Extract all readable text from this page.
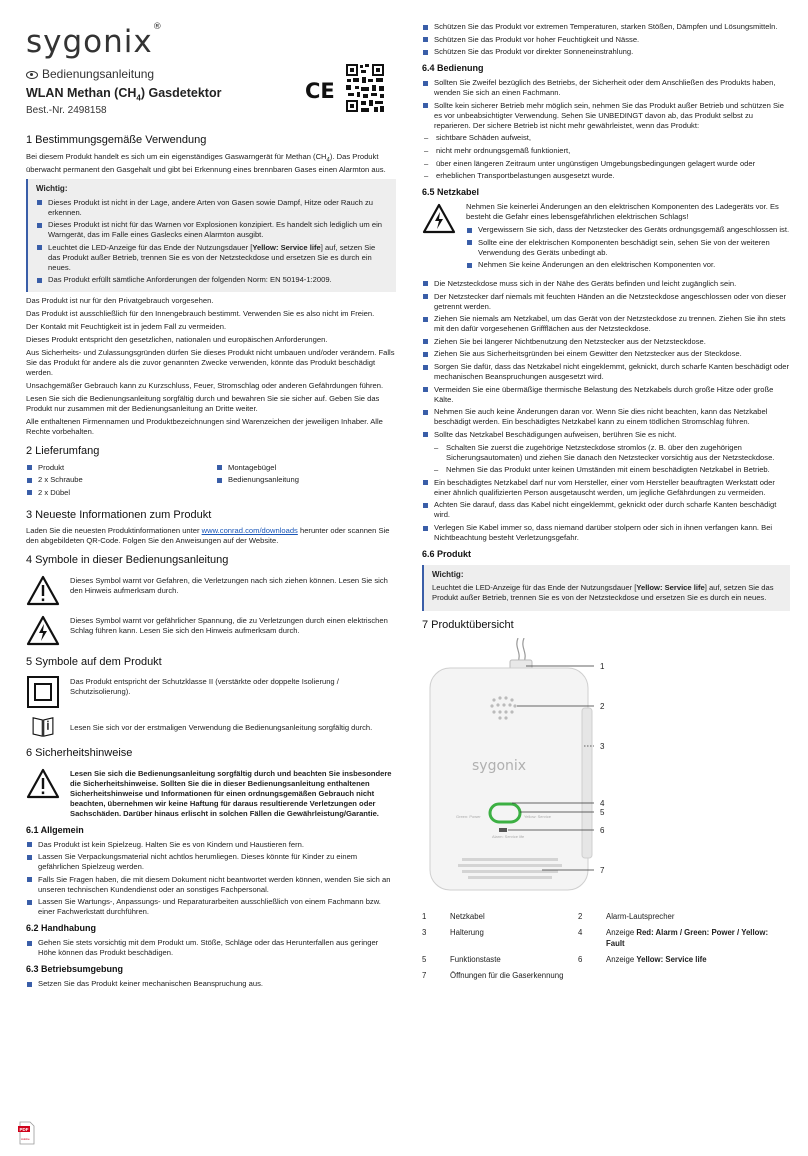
sygonix®
Bedienungsanleitung
WLAN Methan $(CH_4)$ Gasdetektor
Best.-Nr. 2498158
CE
1 Bestimmungsgemäße Verwendung

Bei diesem Produkt handelt es sich um ein eigenständiges Gaswarngerät für Methan $(CH_4)$. Das Produkt überwacht permanent den Gasgehalt und gibt bei Erkennung eines brennbaren Gases einen Alarmton aus.

Wichtig:
Dieses Produkt ist nicht in der Lage, andere Arten von Gasen sowie Dampf, Hitze oder Rauch zu erkennen.
Dieses Produkt ist nicht für das Warnen vor Explosionen konzipiert. Es handelt sich lediglich um ein Warngerät, das im Falle eines Gaslecks einen Alarmton ausgibt.
Leuchtet die LED-Anzeige für das Ende der Nutzungsdauer [Yellow: Service life] auf, setzen Sie das Produkt außer Betrieb, trennen Sie es von der Netzsteckdose und ersetzen Sie es durch ein neues.
Das Produkt erfüllt sämtliche Anforderungen der folgenden Norm: EN 50194-1:2009.

Das Produkt ist nur für den Privatgebrauch vorgesehen.

Das Produkt ist ausschließlich für den Innengebrauch bestimmt. Verwenden Sie es also nicht im Freien.

Der Kontakt mit Feuchtigkeit ist in jedem Fall zu vermeiden.

Dieses Produkt entspricht den gesetzlichen, nationalen und europäischen Anforderungen.

Aus Sicherheits- und Zulassungsgründen dürfen Sie dieses Produkt nicht umbauen und/oder verändern. Falls Sie das Produkt für andere als die zuvor genannten Zwecke verwenden, könnte das Produkt beschädigt werden.

Unsachgemäßer Gebrauch kann zu Kurzschluss, Feuer, Stromschlag oder anderen Gefährdungen führen.

Lesen Sie sich die Bedienungsanleitung sorgfältig durch und bewahren Sie sie sicher auf. Geben Sie das Produkt nur zusammen mit der Bedienungsanleitung an Dritte weiter.

Alle enthaltenen Firmennamen und Produktbezeichnungen sind Warenzeichen der jeweiligen Inhaber. Alle Rechte vorbehalten.

2 Lieferumfang
Produkt	Montagebügel
2 x Schraube	Bedienungsanleitung
2 x Dübel
3 Neueste Informationen zum Produkt

Laden Sie die neuesten Produktinformationen unter www.conrad.com/downloads herunter oder scannen Sie den abgebildeten QR-Code. Folgen Sie den Anweisungen auf der Website.

4 Symbole in dieser Bedienungsanleitung
Dieses Symbol warnt vor Gefahren, die Verletzungen nach sich ziehen können. Lesen Sie sich den Hinweis aufmerksam durch.
Dieses Symbol warnt vor gefährlicher Spannung, die zu Verletzungen durch einen elektrischen Schlag führen kann. Lesen Sie sich den Hinweis aufmerksam durch.
5 Symbole auf dem Produkt
Das Produkt entspricht der Schutzklasse II (verstärkte oder doppelte Isolierung / Schutzisolierung).
Lesen Sie sich vor der erstmaligen Verwendung die Bedienungsanleitung sorgfältig durch.
6 Sicherheitshinweise
Lesen Sie sich die Bedienungsanleitung sorgfältig durch und beachten Sie insbesondere die Sicherheitshinweise. Sollten Sie die in dieser Bedienungsanleitung enthaltenen Sicherheitshinweise und Informationen für einen ordnungsgemäßen Gebrauch nicht beachten, übernehmen wir keine Haftung für daraus resultierende Verletzungen oder Sachschäden. Darüber hinaus erlischt in solchen Fällen die Gewährleistung/Garantie.
6.1 Allgemein
Das Produkt ist kein Spielzeug. Halten Sie es von Kindern und Haustieren fern.
Lassen Sie Verpackungsmaterial nicht achtlos herumliegen. Dieses könnte für Kinder zu einem gefährlichen Spielzeug werden.
Falls Sie Fragen haben, die mit diesem Dokument nicht beantwortet werden können, wenden Sie sich an unseren technischen Kundendienst oder an sonstiges Fachpersonal.
Lassen Sie Wartungs-, Anpassungs- und Reparaturarbeiten ausschließlich von einem Fachmann bzw. einer Fachwerkstatt durchführen.
6.2 Handhabung
Gehen Sie stets vorsichtig mit dem Produkt um. Stöße, Schläge oder das Herunterfallen aus geringer Höhe können das Produkt beschädigen.
6.3 Betriebsumgebung
Setzen Sie das Produkt keiner mechanischen Beanspruchung aus.
Schützen Sie das Produkt vor extremen Temperaturen, starken Stößen, Dämpfen und Lösungsmitteln.
Schützen Sie das Produkt vor hoher Feuchtigkeit und Nässe.
Schützen Sie das Produkt vor direkter Sonneneinstrahlung.
6.4 Bedienung
Sollten Sie Zweifel bezüglich des Betriebs, der Sicherheit oder dem Anschließen des Produkts haben, wenden Sie sich an einen Fachmann.
Sollte kein sicherer Betrieb mehr möglich sein, nehmen Sie das Produkt außer Betrieb und schützen Sie es vor unbeabsichtigter Verwendung. Sehen Sie UNBEDINGT davon ab, das Produkt selbst zu reparieren. Der sichere Betrieb ist nicht mehr gewährleistet, wenn das Produkt:
– sichtbare Schäden aufweist,
– nicht mehr ordnungsgemäß funktioniert,
– über einen längeren Zeitraum unter ungünstigen Umgebungsbedingungen gelagert wurde oder
– erheblichen Transportbelastungen ausgesetzt wurde.
6.5 Netzkabel

Nehmen Sie keinerlei Änderungen an den elektrischen Komponenten des Ladegeräts vor. Es besteht die Gefahr eines lebensgefährlichen elektrischen Schlags!

Vergewissern Sie sich, dass der Netzstecker des Geräts ordnungsgemäß angeschlossen ist.
Sollte eine der elektrischen Komponenten beschädigt sein, sehen Sie von der weiteren Verwendung des Geräts unbedingt ab.
Nehmen Sie keine Änderungen an den elektrischen Komponenten vor.
Die Netzsteckdose muss sich in der Nähe des Geräts befinden und leicht zugänglich sein.
Der Netzstecker darf niemals mit feuchten Händen an die Netzsteckdose angeschlossen oder von dieser getrennt werden.
Ziehen Sie niemals am Netzkabel, um das Gerät von der Netzsteckdose zu trennen. Ziehen Sie ihn stets mit den dafür vorgesehenen Griffflächen aus der Netzsteckdose.
Ziehen Sie bei längerer Nichtbenutzung den Netzstecker aus der Netzsteckdose.
Ziehen Sie aus Sicherheitsgründen bei einem Gewitter den Netzstecker aus der Steckdose.
Sorgen Sie dafür, dass das Netzkabel nicht eingeklemmt, geknickt, durch scharfe Kanten beschädigt oder mechanischen Beanspruchungen ausgesetzt wird.
Vermeiden Sie eine übermäßige thermische Belastung des Netzkabels durch große Hitze oder große Kälte.
Nehmen Sie auch keine Änderungen daran vor. Wenn Sie dies nicht beachten, kann das Netzkabel beschädigt werden. Ein beschädigtes Netzkabel kann zu einem tödlichen Stromschlag führen.
Sollte das Netzkabel Beschädigungen aufweisen, berühren Sie es nicht.
– Schalten Sie zuerst die zugehörige Netzsteckdose stromlos (z. B. über den zugehörigen Sicherungsautomaten) und ziehen Sie danach den Netzstecker vorsichtig aus der Netzsteckdose.
– Nehmen Sie das Produkt unter keinen Umständen mit einem beschädigten Netzkabel in Betrieb.
Ein beschädigtes Netzkabel darf nur vom Hersteller, einer vom Hersteller beauftragten Werkstatt oder einer ähnlich qualifizierten Person ausgetauscht werden, um jegliche Gefährdungen zu vermeiden.
Achten Sie darauf, dass das Kabel nicht eingeklemmt, geknickt oder durch scharfe Kanten beschädigt wird.
Verlegen Sie Kabel immer so, dass niemand darüber stolpern oder sich in ihnen verfangen kann. Bei Nichtbeachtung besteht Verletzungsgefahr.
6.6 Produkt
Wichtig:

Leuchtet die LED-Anzeige für das Ende der Nutzungsdauer [Yellow: Service life] auf, setzen Sie das Produkt außer Betrieb, trennen Sie es von der Netzsteckdose und ersetzen Sie es durch ein neues.

7 Produktübersicht
sygonix
Green: Power	Yellow: Service
Alarm: Service life
1
2
3
4
5
6
7
1	Netzkabel	2	Alarm-Lautsprecher
3	Halterung	4	Anzeige Red: Alarm / Green: Power / Yellow: Fault
5	Funktionstaste	6	Anzeige Yellow: Service life
7	Öffnungen für die Gaserkennung
PDF
Adobe
